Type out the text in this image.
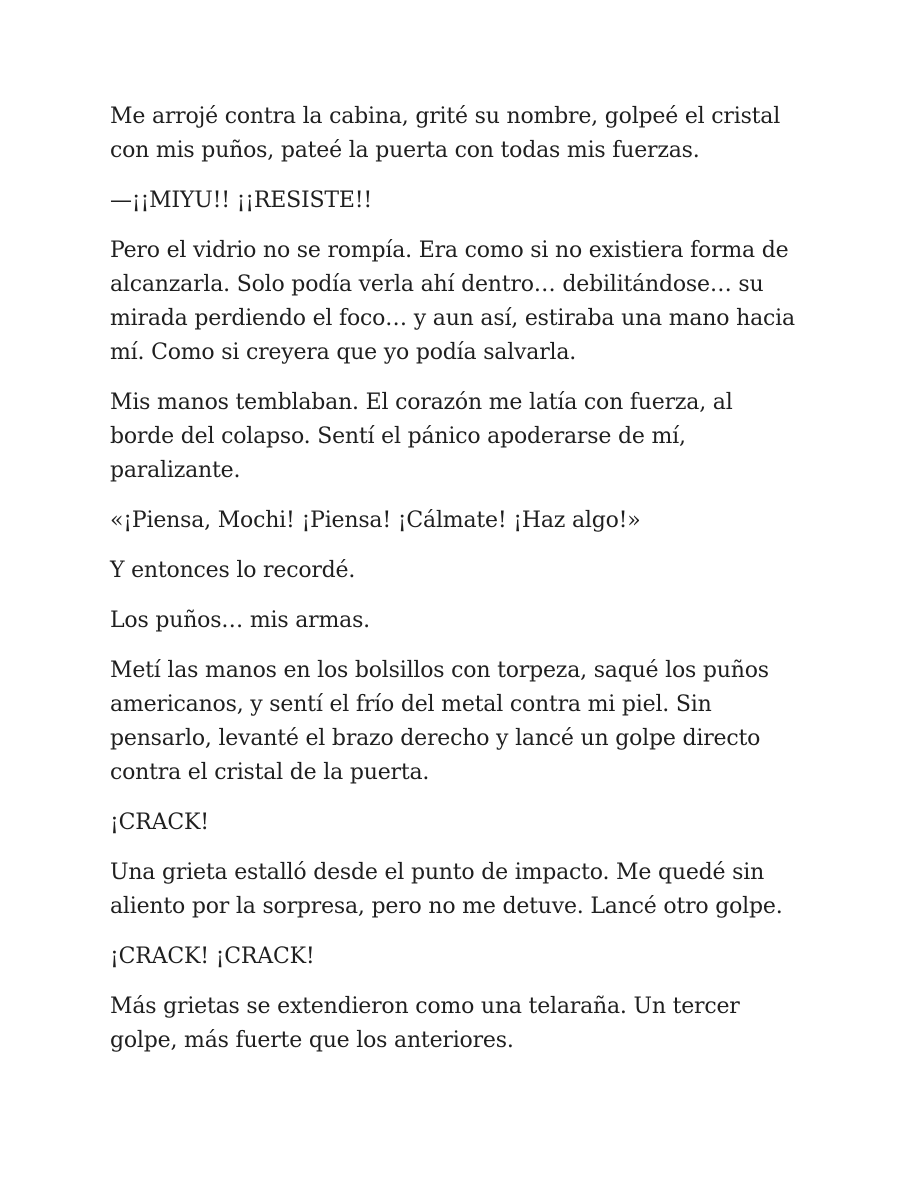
Me arrojé contra la cabina, grité su nombre, golpeé el cristal con mis puños, pateé la puerta con todas mis fuerzas.

—¡¡MIYU!! ¡¡RESISTE!!

Pero el vidrio no se rompía. Era como si no existiera forma de alcanzarla. Solo podía verla ahí dentro… debilitándose… su mirada perdiendo el foco… y aun así, estiraba una mano hacia mí. Como si creyera que yo podía salvarla.

Mis manos temblaban. El corazón me latía con fuerza, al borde del colapso. Sentí el pánico apoderarse de mí, paralizante.

«¡Piensa, Mochi! ¡Piensa! ¡Cálmate! ¡Haz algo!»

Y entonces lo recordé.

Los puños… mis armas.

Metí las manos en los bolsillos con torpeza, saqué los puños americanos, y sentí el frío del metal contra mi piel. Sin pensarlo, levanté el brazo derecho y lancé un golpe directo contra el cristal de la puerta.

¡CRACK!

Una grieta estalló desde el punto de impacto. Me quedé sin aliento por la sorpresa, pero no me detuve. Lancé otro golpe.

¡CRACK! ¡CRACK!

Más grietas se extendieron como una telaraña. Un tercer golpe, más fuerte que los anteriores.
